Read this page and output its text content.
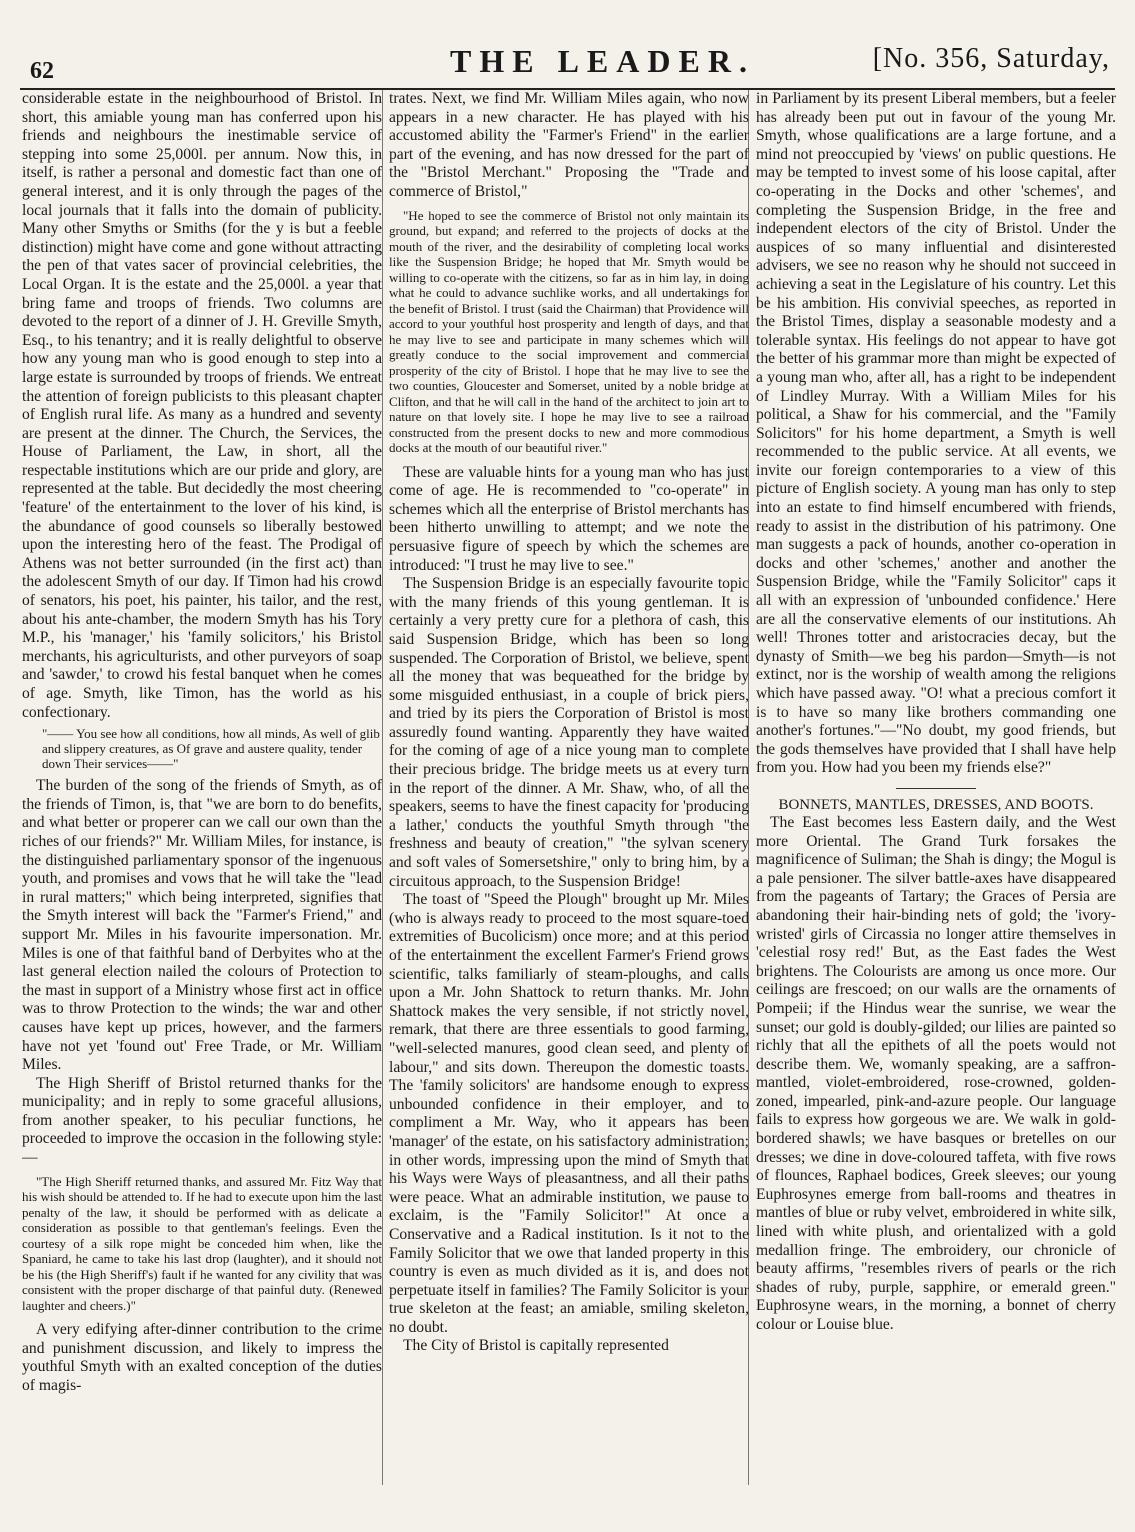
62	THE LEADER.	[No. 356, Saturday,

considerable estate in the neighbourhood of Bristol. In short, this amiable young man has conferred upon his friends and neighbours the inestimable service of stepping into some 25,000l. per annum. Now this, in itself, is rather a personal and domestic fact than one of general interest, and it is only through the pages of the local journals that it falls into the domain of publicity. Many other Smyths or Smiths (for the y is but a feeble distinction) might have come and gone without attracting the pen of that vates sacer of provincial celebrities, the Local Organ. It is the estate and the 25,000l. a year that bring fame and troops of friends. Two columns are devoted to the report of a dinner of J. H. Greville Smyth, Esq., to his tenantry; and it is really delightful to observe how any young man who is good enough to step into a large estate is surrounded by troops of friends. We entreat the attention of foreign publicists to this pleasant chapter of English rural life. As many as a hundred and seventy are present at the dinner. The Church, the Services, the House of Parliament, the Law, in short, all the respectable institutions which are our pride and glory, are represented at the table. But decidedly the most cheering 'feature' of the entertainment to the lover of his kind, is the abundance of good counsels so liberally bestowed upon the interesting hero of the feast. The Prodigal of Athens was not better surrounded (in the first act) than the adolescent Smyth of our day. If Timon had his crowd of senators, his poet, his painter, his tailor, and the rest, about his ante-chamber, the modern Smyth has his Tory M.P., his 'manager,' his 'family solicitors,' his Bristol merchants, his agriculturists, and other purveyors of soap and 'sawder,' to crowd his festal banquet when he comes of age. Smyth, like Timon, has the world as his confectionary.

"—— You see how all conditions, how all minds, As well of glib and slippery creatures, as Of grave and austere quality, tender down Their services——"

The burden of the song of the friends of Smyth, as of the friends of Timon, is, that "we are born to do benefits, and what better or properer can we call our own than the riches of our friends?" Mr. William Miles, for instance, is the distinguished parliamentary sponsor of the ingenuous youth, and promises and vows that he will take the "lead in rural matters;" which being interpreted, signifies that the Smyth interest will back the "Farmer's Friend," and support Mr. Miles in his favourite impersonation. Mr. Miles is one of that faithful band of Derbyites who at the last general election nailed the colours of Protection to the mast in support of a Ministry whose first act in office was to throw Protection to the winds; the war and other causes have kept up prices, however, and the farmers have not yet 'found out' Free Trade, or Mr. William Miles.

The High Sheriff of Bristol returned thanks for the municipality; and in reply to some graceful allusions, from another speaker, to his peculiar functions, he proceeded to improve the occasion in the following style:—

"The High Sheriff returned thanks, and assured Mr. Fitz Way that his wish should be attended to. If he had to execute upon him the last penalty of the law, it should be performed with as delicate a consideration as possible to that gentleman's feelings. Even the courtesy of a silk rope might be conceded him when, like the Spaniard, he came to take his last drop (laughter), and it should not be his (the High Sheriff's) fault if he wanted for any civility that was consistent with the proper discharge of that painful duty. (Renewed laughter and cheers.)"

A very edifying after-dinner contribution to the crime and punishment discussion, and likely to impress the youthful Smyth with an exalted conception of the duties of magis-

trates. Next, we find Mr. William Miles again, who now appears in a new character. He has played with his accustomed ability the "Farmer's Friend" in the earlier part of the evening, and has now dressed for the part of the "Bristol Merchant." Proposing the "Trade and commerce of Bristol,"

"He hoped to see the commerce of Bristol not only maintain its ground, but expand; and referred to the projects of docks at the mouth of the river, and the desirability of completing local works like the Suspension Bridge; he hoped that Mr. Smyth would be willing to co-operate with the citizens, so far as in him lay, in doing what he could to advance suchlike works, and all undertakings for the benefit of Bristol. I trust (said the Chairman) that Providence will accord to your youthful host prosperity and length of days, and that he may live to see and participate in many schemes which will greatly conduce to the social improvement and commercial prosperity of the city of Bristol. I hope that he may live to see the two counties, Gloucester and Somerset, united by a noble bridge at Clifton, and that he will call in the hand of the architect to join art to nature on that lovely site. I hope he may live to see a railroad constructed from the present docks to new and more commodious docks at the mouth of our beautiful river."

These are valuable hints for a young man who has just come of age. He is recommended to "co-operate" in schemes which all the enterprise of Bristol merchants has been hitherto unwilling to attempt; and we note the persuasive figure of speech by which the schemes are introduced: "I trust he may live to see."

The Suspension Bridge is an especially favourite topic with the many friends of this young gentleman. It is certainly a very pretty cure for a plethora of cash, this said Suspension Bridge, which has been so long suspended. The Corporation of Bristol, we believe, spent all the money that was bequeathed for the bridge by some misguided enthusiast, in a couple of brick piers, and tried by its piers the Corporation of Bristol is most assuredly found wanting. Apparently they have waited for the coming of age of a nice young man to complete their precious bridge. The bridge meets us at every turn in the report of the dinner. A Mr. Shaw, who, of all the speakers, seems to have the finest capacity for 'producing a lather,' conducts the youthful Smyth through "the freshness and beauty of creation," "the sylvan scenery and soft vales of Somersetshire," only to bring him, by a circuitous approach, to the Suspension Bridge!

The toast of "Speed the Plough" brought up Mr. Miles (who is always ready to proceed to the most square-toed extremities of Bucolicism) once more; and at this period of the entertainment the excellent Farmer's Friend grows scientific, talks familiarly of steam-ploughs, and calls upon a Mr. John Shattock to return thanks. Mr. John Shattock makes the very sensible, if not strictly novel, remark, that there are three essentials to good farming, "well-selected manures, good clean seed, and plenty of labour," and sits down. Thereupon the domestic toasts. The 'family solicitors' are handsome enough to express unbounded confidence in their employer, and to compliment a Mr. Way, who it appears has been 'manager' of the estate, on his satisfactory administration; in other words, impressing upon the mind of Smyth that his Ways were Ways of pleasantness, and all their paths were peace. What an admirable institution, we pause to exclaim, is the "Family Solicitor!" At once a Conservative and a Radical institution. Is it not to the Family Solicitor that we owe that landed property in this country is even as much divided as it is, and does not perpetuate itself in families? The Family Solicitor is your true skeleton at the feast; an amiable, smiling skeleton, no doubt.

The City of Bristol is capitally represented

in Parliament by its present Liberal members, but a feeler has already been put out in favour of the young Mr. Smyth, whose qualifications are a large fortune, and a mind not preoccupied by 'views' on public questions. He may be tempted to invest some of his loose capital, after co-operating in the Docks and other 'schemes', and completing the Suspension Bridge, in the free and independent electors of the city of Bristol. Under the auspices of so many influential and disinterested advisers, we see no reason why he should not succeed in achieving a seat in the Legislature of his country. Let this be his ambition. His convivial speeches, as reported in the Bristol Times, display a seasonable modesty and a tolerable syntax. His feelings do not appear to have got the better of his grammar more than might be expected of a young man who, after all, has a right to be independent of Lindley Murray. With a William Miles for his political, a Shaw for his commercial, and the "Family Solicitors" for his home department, a Smyth is well recommended to the public service. At all events, we invite our foreign contemporaries to a view of this picture of English society. A young man has only to step into an estate to find himself encumbered with friends, ready to assist in the distribution of his patrimony. One man suggests a pack of hounds, another co-operation in docks and other 'schemes,' another and another the Suspension Bridge, while the "Family Solicitor" caps it all with an expression of 'unbounded confidence.' Here are all the conservative elements of our institutions. Ah well! Thrones totter and aristocracies decay, but the dynasty of Smith—we beg his pardon—Smyth—is not extinct, nor is the worship of wealth among the religions which have passed away. "O! what a precious comfort it is to have so many like brothers commanding one another's fortunes."—"No doubt, my good friends, but the gods themselves have provided that I shall have help from you. How had you been my friends else?"

BONNETS, MANTLES, DRESSES, AND BOOTS.

The East becomes less Eastern daily, and the West more Oriental. The Grand Turk forsakes the magnificence of Suliman; the Shah is dingy; the Mogul is a pale pensioner. The silver battle-axes have disappeared from the pageants of Tartary; the Graces of Persia are abandoning their hair-binding nets of gold; the 'ivory-wristed' girls of Circassia no longer attire themselves in 'celestial rosy red!' But, as the East fades the West brightens. The Colourists are among us once more. Our ceilings are frescoed; on our walls are the ornaments of Pompeii; if the Hindus wear the sunrise, we wear the sunset; our gold is doubly-gilded; our lilies are painted so richly that all the epithets of all the poets would not describe them. We, womanly speaking, are a saffron-mantled, violet-embroidered, rose-crowned, golden-zoned, impearled, pink-and-azure people. Our language fails to express how gorgeous we are. We walk in gold-bordered shawls; we have basques or bretelles on our dresses; we dine in dove-coloured taffeta, with five rows of flounces, Raphael bodices, Greek sleeves; our young Euphrosynes emerge from ball-rooms and theatres in mantles of blue or ruby velvet, embroidered in white silk, lined with white plush, and orientalized with a gold medallion fringe. The embroidery, our chronicle of beauty affirms, "resembles rivers of pearls or the rich shades of ruby, purple, sapphire, or emerald green." Euphrosyne wears, in the morning, a bonnet of cherry colour or Louise blue.
